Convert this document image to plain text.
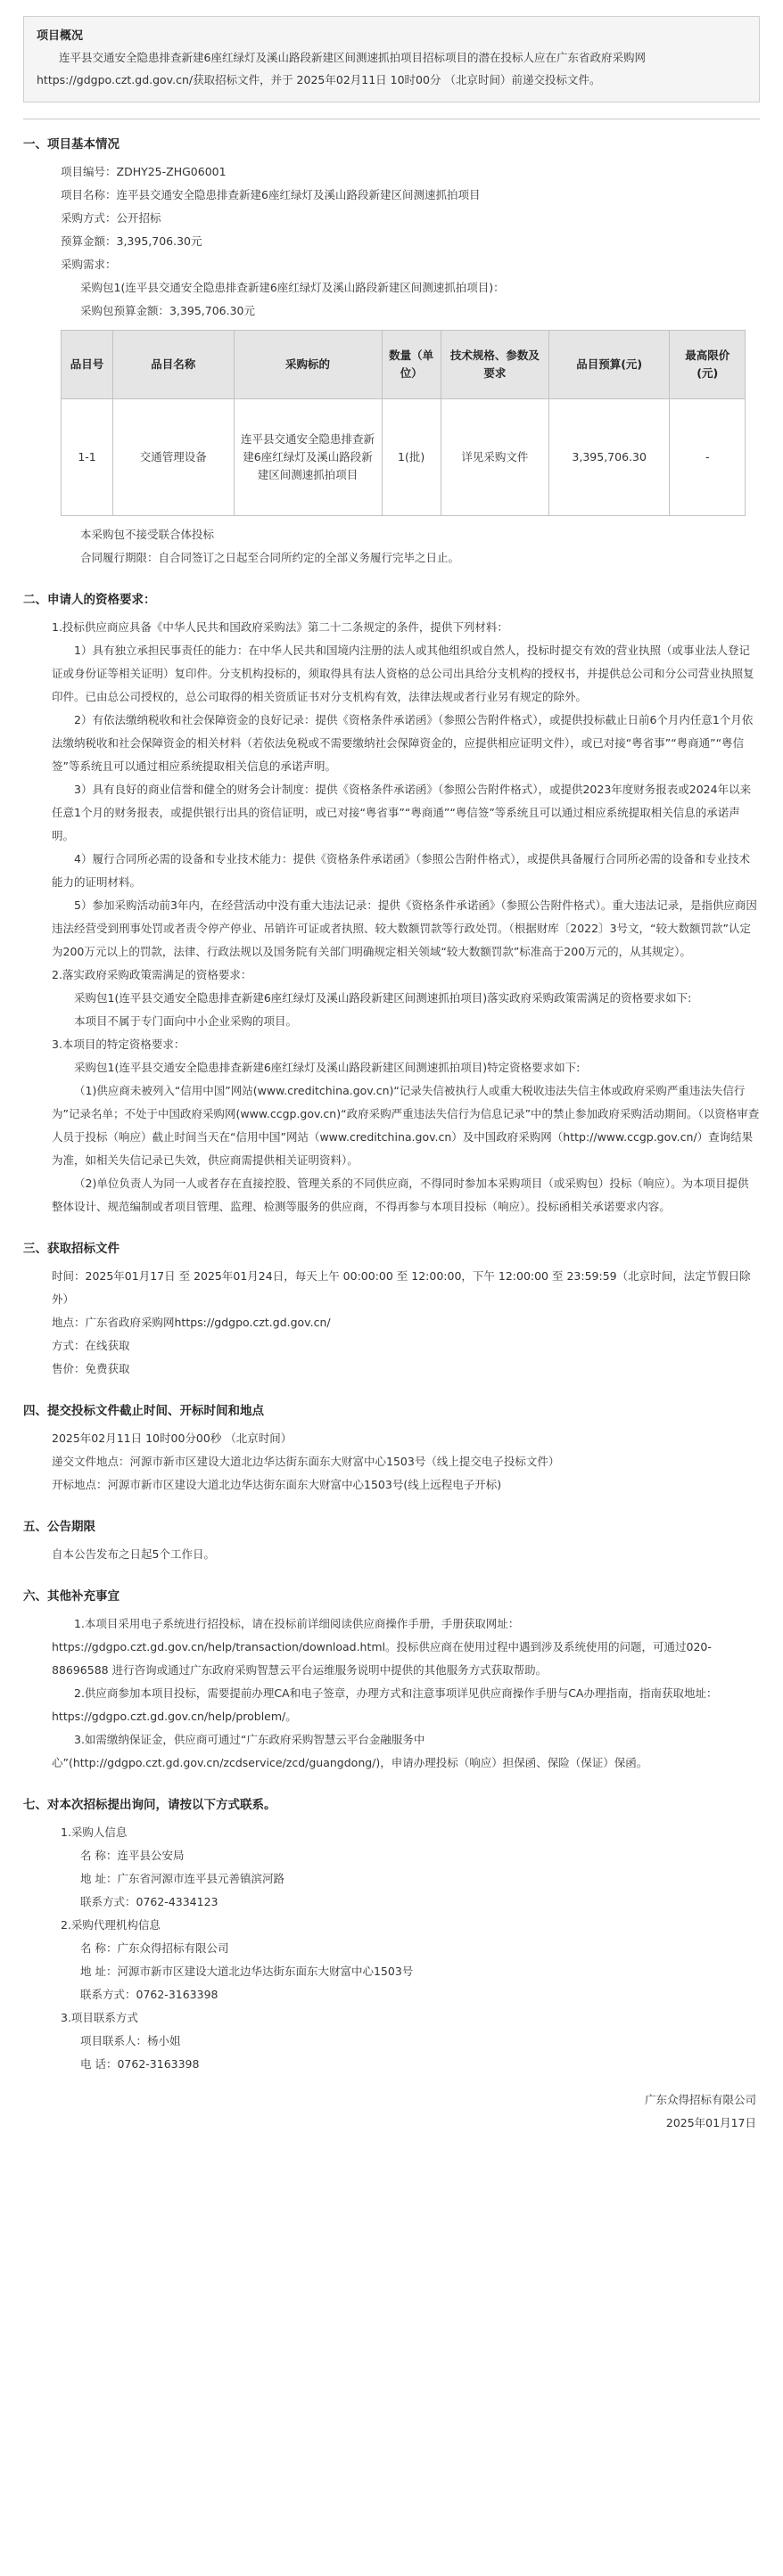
项目概况
连平县交通安全隐患排查新建6座红绿灯及溪山路段新建区间测速抓拍项目招标项目的潜在投标人应在广东省政府采购网https://gdgpo.czt.gd.gov.cn/获取招标文件，并于 2025年02月11日 10时00分 （北京时间）前递交投标文件。
一、项目基本情况
项目编号：ZDHY25-ZHG06001
项目名称：连平县交通安全隐患排查新建6座红绿灯及溪山路段新建区间测速抓拍项目
采购方式：公开招标
预算金额：3,395,706.30元
采购需求：
采购包1(连平县交通安全隐患排查新建6座红绿灯及溪山路段新建区间测速抓拍项目)：
采购包预算金额：3,395,706.30元
品目号	品目名称	采购标的	数量（单位）	技术规格、参数及要求	品目预算(元)	最高限价(元)
1-1	交通管理设备	连平县交通安全隐患排查新建6座红绿灯及溪山路段新建区间测速抓拍项目	1(批)	详见采购文件	3,395,706.30	-
本采购包不接受联合体投标
合同履行期限：自合同签订之日起至合同所约定的全部义务履行完毕之日止。
二、申请人的资格要求：
1.投标供应商应具备《中华人民共和国政府采购法》第二十二条规定的条件，提供下列材料：
1）具有独立承担民事责任的能力：在中华人民共和国境内注册的法人或其他组织或自然人，投标时提交有效的营业执照（或事业法人登记证或身份证等相关证明）复印件。分支机构投标的，须取得具有法人资格的总公司出具给分支机构的授权书，并提供总公司和分公司营业执照复印件。已由总公司授权的，总公司取得的相关资质证书对分支机构有效，法律法规或者行业另有规定的除外。
2）有依法缴纳税收和社会保障资金的良好记录：提供《资格条件承诺函》（参照公告附件格式），或提供投标截止日前6个月内任意1个月依法缴纳税收和社会保障资金的相关材料（若依法免税或不需要缴纳社会保障资金的，应提供相应证明文件），或已对接“粤省事”“粤商通”“粤信签”等系统且可以通过相应系统提取相关信息的承诺声明。
3）具有良好的商业信誉和健全的财务会计制度：提供《资格条件承诺函》（参照公告附件格式），或提供2023年度财务报表或2024年以来任意1个月的财务报表，或提供银行出具的资信证明，或已对接“粤省事”“粤商通”“粤信签”等系统且可以通过相应系统提取相关信息的承诺声明。
4）履行合同所必需的设备和专业技术能力：提供《资格条件承诺函》（参照公告附件格式），或提供具备履行合同所必需的设备和专业技术能力的证明材料。
5）参加采购活动前3年内，在经营活动中没有重大违法记录：提供《资格条件承诺函》（参照公告附件格式）。重大违法记录，是指供应商因违法经营受到刑事处罚或者责令停产停业、吊销许可证或者执照、较大数额罚款等行政处罚。（根据财库〔2022〕3号文，“较大数额罚款”认定为200万元以上的罚款，法律、行政法规以及国务院有关部门明确规定相关领域“较大数额罚款”标准高于200万元的，从其规定）。
2.落实政府采购政策需满足的资格要求：
采购包1(连平县交通安全隐患排查新建6座红绿灯及溪山路段新建区间测速抓拍项目)落实政府采购政策需满足的资格要求如下:
本项目不属于专门面向中小企业采购的项目。
3.本项目的特定资格要求：
采购包1(连平县交通安全隐患排查新建6座红绿灯及溪山路段新建区间测速抓拍项目)特定资格要求如下:
（1)供应商未被列入“信用中国”网站(www.creditchina.gov.cn)“记录失信被执行人或重大税收违法失信主体或政府采购严重违法失信行为”记录名单；不处于中国政府采购网(www.ccgp.gov.cn)“政府采购严重违法失信行为信息记录”中的禁止参加政府采购活动期间。（以资格审查人员于投标（响应）截止时间当天在“信用中国”网站（www.creditchina.gov.cn）及中国政府采购网（http://www.ccgp.gov.cn/）查询结果为准，如相关失信记录已失效，供应商需提供相关证明资料）。
（2)单位负责人为同一人或者存在直接控股、管理关系的不同供应商，不得同时参加本采购项目（或采购包）投标（响应）。为本项目提供整体设计、规范编制或者项目管理、监理、检测等服务的供应商，不得再参与本项目投标（响应）。投标函相关承诺要求内容。
三、获取招标文件
时间：2025年01月17日 至 2025年01月24日，每天上午 00:00:00 至 12:00:00，下午 12:00:00 至 23:59:59（北京时间，法定节假日除外）
地点：广东省政府采购网https://gdgpo.czt.gd.gov.cn/
方式：在线获取
售价：免费获取
四、提交投标文件截止时间、开标时间和地点
2025年02月11日 10时00分00秒 （北京时间）
递交文件地点：河源市新市区建设大道北边华达街东面东大财富中心1503号（线上提交电子投标文件）
开标地点：河源市新市区建设大道北边华达街东面东大财富中心1503号(线上远程电子开标)
五、公告期限
自本公告发布之日起5个工作日。
六、其他补充事宜
1.本项目采用电子系统进行招投标，请在投标前详细阅读供应商操作手册，手册获取网址：https://gdgpo.czt.gd.gov.cn/help/transaction/download.html。投标供应商在使用过程中遇到涉及系统使用的问题，可通过020-88696588 进行咨询或通过广东政府采购智慧云平台运维服务说明中提供的其他服务方式获取帮助。
2.供应商参加本项目投标，需要提前办理CA和电子签章，办理方式和注意事项详见供应商操作手册与CA办理指南，指南获取地址：https://gdgpo.czt.gd.gov.cn/help/problem/。
3.如需缴纳保证金，供应商可通过“广东政府采购智慧云平台金融服务中心”(http://gdgpo.czt.gd.gov.cn/zcdservice/zcd/guangdong/)，申请办理投标（响应）担保函、保险（保证）保函。
七、对本次招标提出询问，请按以下方式联系。
1.采购人信息
名 称：连平县公安局
地 址：广东省河源市连平县元善镇滨河路
联系方式：0762-4334123
2.采购代理机构信息
名 称：广东众得招标有限公司
地 址：河源市新市区建设大道北边华达街东面东大财富中心1503号
联系方式：0762-3163398
3.项目联系方式
项目联系人：杨小姐
电 话：0762-3163398
广东众得招标有限公司
2025年01月17日
